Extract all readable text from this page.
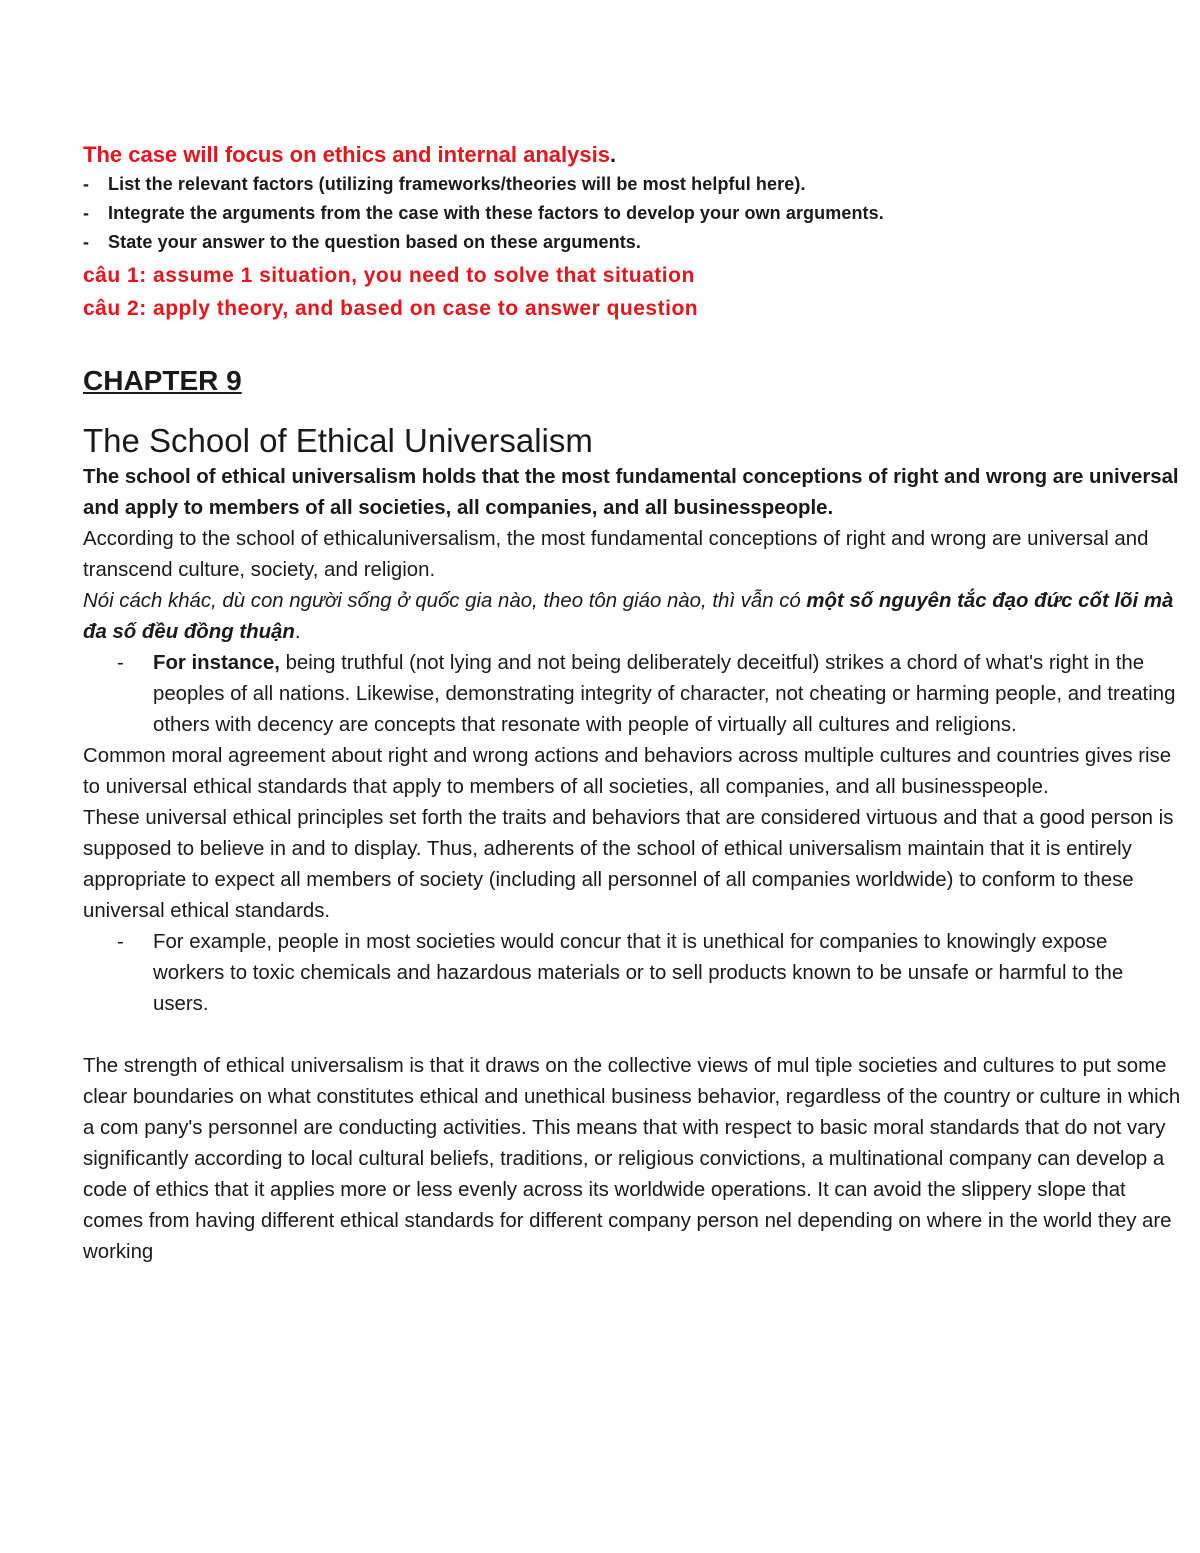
The case will focus on ethics and internal analysis.
-	List the relevant factors (utilizing frameworks/theories will be most helpful here).
-	Integrate the arguments from the case with these factors to develop your own arguments.
-	State your answer to the question based on these arguments.
câu 1: assume 1 situation, you need to solve that situation
câu 2: apply theory, and based on case to answer question
CHAPTER 9
The School of Ethical Universalism
The school of ethical universalism holds that the most fundamental conceptions of right and wrong are universal and apply to members of all societies, all companies, and all businesspeople.
According to the school of ethicaluniversalism, the most fundamental conceptions of right and wrong are universal and transcend culture, society, and religion.
Nói cách khác, dù con người sống ở quốc gia nào, theo tôn giáo nào, thì vẫn có một số nguyên tắc đạo đức cốt lõi mà đa số đều đồng thuận.
-	For instance, being truthful (not lying and not being deliberately deceitful) strikes a chord of what's right in the peoples of all nations. Likewise, demonstrating integrity of character, not cheating or harming people, and treating others with decency are concepts that resonate with people of virtually all cultures and religions.
Common moral agreement about right and wrong actions and behaviors across multiple cultures and countries gives rise to universal ethical standards that apply to members of all societies, all companies, and all businesspeople.
These universal ethical principles set forth the traits and behaviors that are considered virtuous and that a good person is supposed to believe in and to display. Thus, adherents of the school of ethical universalism maintain that it is entirely appropriate to expect all members of society (including all personnel of all companies worldwide) to conform to these universal ethical standards.
-	For example, people in most societies would concur that it is unethical for companies to knowingly expose workers to toxic chemicals and hazardous materials or to sell products known to be unsafe or harmful to the users.
The strength of ethical universalism is that it draws on the collective views of mul tiple societies and cultures to put some clear boundaries on what constitutes ethical and unethical business behavior, regardless of the country or culture in which a com pany's personnel are conducting activities. This means that with respect to basic moral standards that do not vary significantly according to local cultural beliefs, traditions, or religious convictions, a multinational company can develop a code of ethics that it applies more or less evenly across its worldwide operations. It can avoid the slippery slope that comes from having different ethical standards for different company person nel depending on where in the world they are working
